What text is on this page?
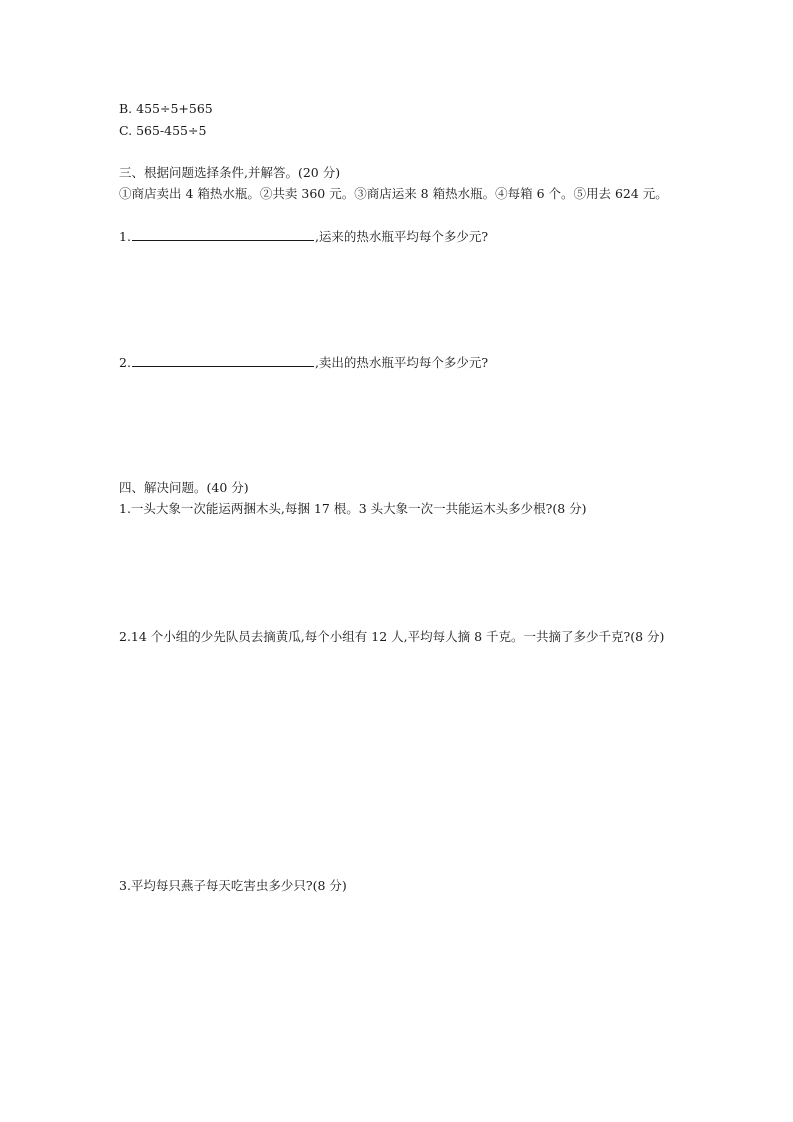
B. 455÷5+565
C. 565-455÷5
三、根据问题选择条件,并解答。(20 分)
①商店卖出 4 箱热水瓶。②共卖 360 元。③商店运来 8 箱热水瓶。④每箱 6 个。⑤用去 624 元。
1.	,运来的热水瓶平均每个多少元?
2.	,卖出的热水瓶平均每个多少元?
四、解决问题。(40 分)
1.一头大象一次能运两捆木头,每捆 17 根。3 头大象一次一共能运木头多少根?(8 分)
2.14 个小组的少先队员去摘黄瓜,每个小组有 12 人,平均每人摘 8 千克。一共摘了多少千克?(8 分)
3.平均每只燕子每天吃害虫多少只?(8 分)
